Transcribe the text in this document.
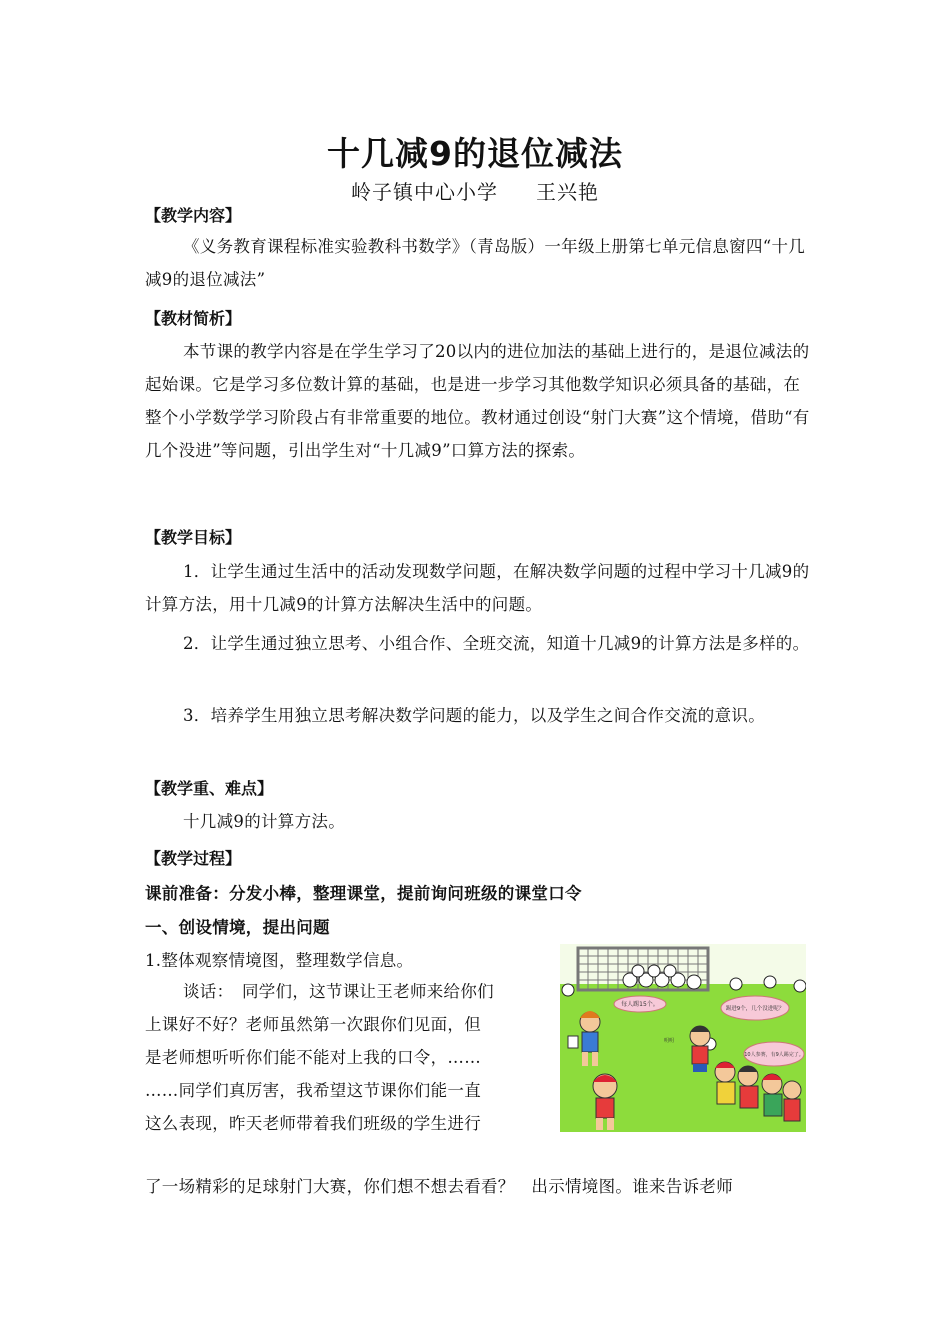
十几减9的退位减法
岭子镇中心小学 王兴艳
【教学内容】
《义务教育课程标准实验教科书数学》（青岛版）一年级上册第七单元信息窗四“十几减9的退位减法”
【教材简析】
本节课的教学内容是在学生学习了20以内的进位加法的基础上进行的，是退位减法的起始课。它是学习多位数计算的基础，也是进一步学习其他数学知识必须具备的基础，在整个小学数学学习阶段占有非常重要的地位。教材通过创设“射门大赛”这个情境，借助“有几个没进”等问题，引出学生对“十几减9”口算方法的探索。
【教学目标】
1．让学生通过生活中的活动发现数学问题，在解决数学问题的过程中学习十几减9的计算方法，用十几减9的计算方法解决生活中的问题。
2．让学生通过独立思考、小组合作、全班交流，知道十几减9的计算方法是多样的。
3．培养学生用独立思考解决数学问题的能力，以及学生之间合作交流的意识。
【教学重、难点】
十几减9的计算方法。
【教学过程】
课前准备：分发小棒，整理课堂，提前询问班级的课堂口令
一、创设情境，提出问题
1.整体观察情境图，整理数学信息。
谈话：　同学们，这节课让王老师来给你们
上课好不好？老师虽然第一次跟你们见面，但
是老师想听听你们能不能对上我的口令，……
……同学们真厉害，我希望这节课你们能一直
这么表现，昨天老师带着我们班级的学生进行
了一场精彩的足球射门大赛，你们想不想去看看？　出示情境图。谁来告诉老师
每人踢15个。
踢进9个，几个没进呢？
10人参赛，有9人踢完了。
明明
